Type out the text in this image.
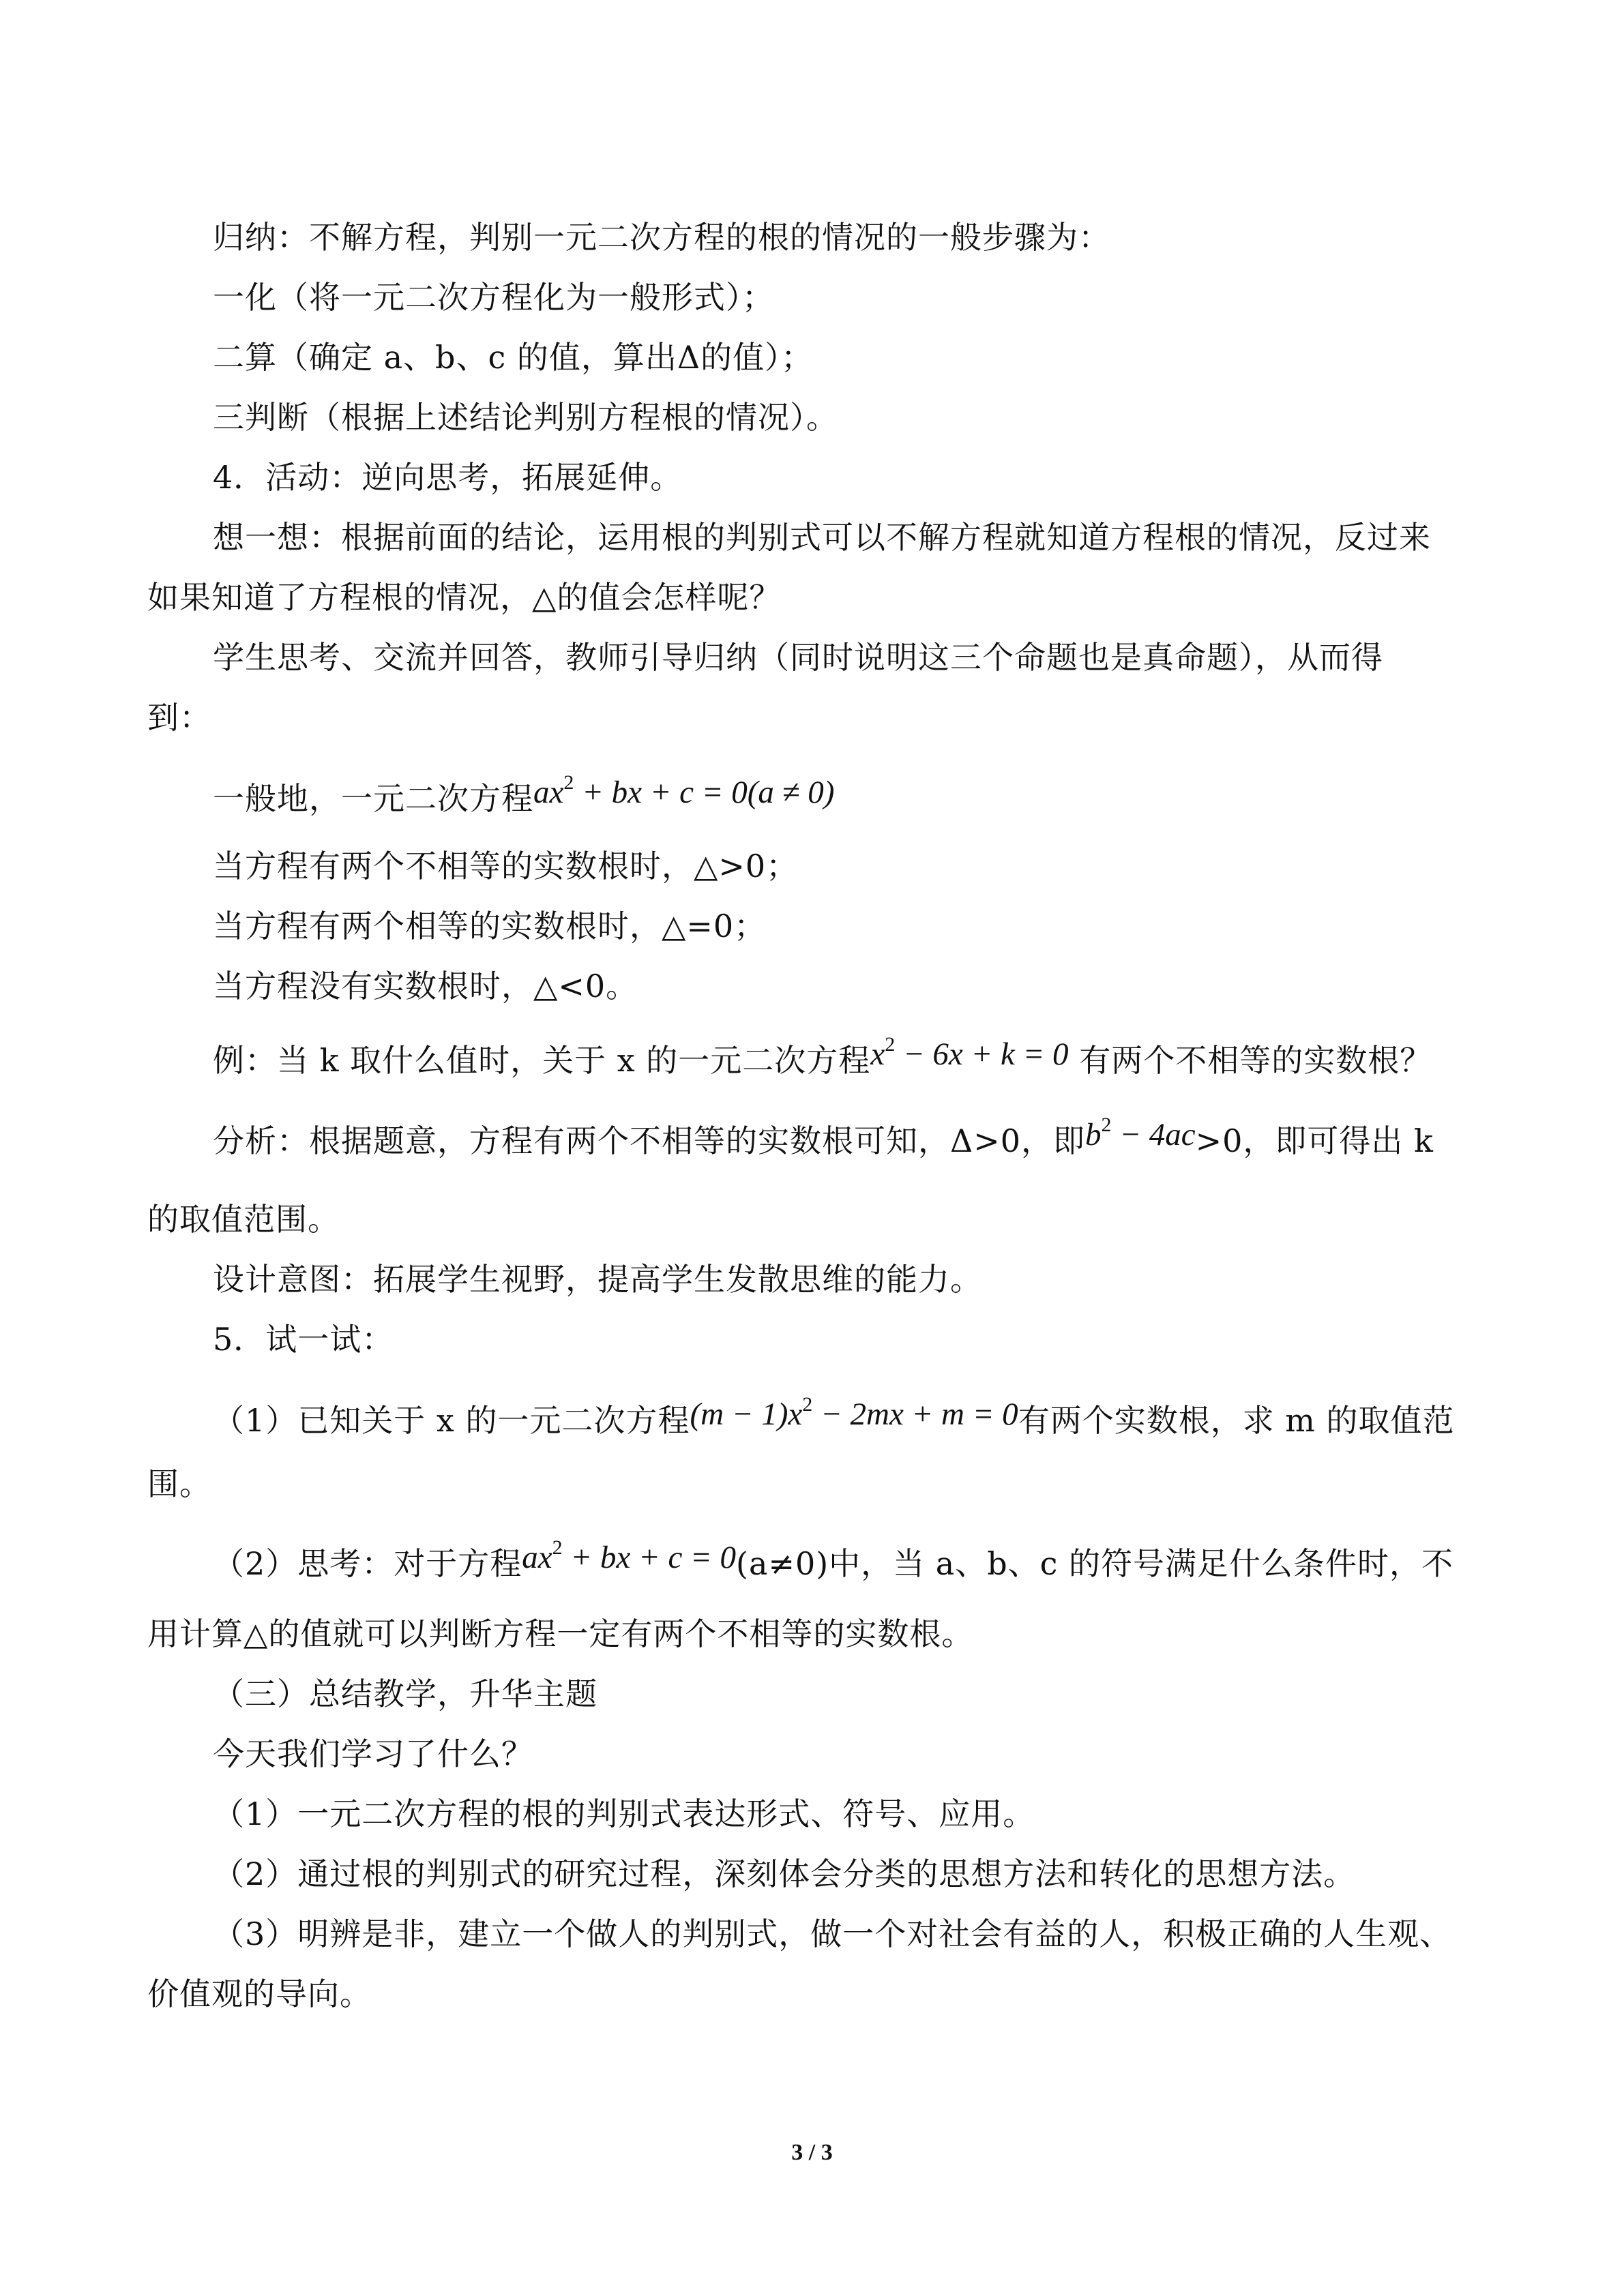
归纳：不解方程，判别一元二次方程的根的情况的一般步骤为：
一化（将一元二次方程化为一般形式）；
二算（确定 a、b、c 的值，算出Δ的值）；
三判断（根据上述结论判别方程根的情况）。
4．活动：逆向思考，拓展延伸。
想一想：根据前面的结论，运用根的判别式可以不解方程就知道方程根的情况，反过来
如果知道了方程根的情况，△的值会怎样呢？
学生思考、交流并回答，教师引导归纳（同时说明这三个命题也是真命题），从而得
到：
一般地，一元二次方程$ax^2$ + bx + c = 0(a ≠ 0)
当方程有两个不相等的实数根时，△>0；
当方程有两个相等的实数根时，△=0；
当方程没有实数根时，△<0。
例：当 k 取什么值时，关于 x 的一元二次方程$x^2 - 6x + k = 0$ 有两个不相等的实数根？
分析：根据题意，方程有两个不相等的实数根可知，Δ>0，即$b^2 - 4ac>0$，即可得出 k
的取值范围。
设计意图：拓展学生视野，提高学生发散思维的能力。
5．试一试：
（1）已知关于 x 的一元二次方程$(m - 1)x^2 - 2mx + m = 0$有两个实数根，求 m 的取值范
围。
（2）思考：对于方程$ax^2$ + bx + c = 0(a≠0)中，当 a、b、c 的符号满足什么条件时，不
用计算△的值就可以判断方程一定有两个不相等的实数根。
（三）总结教学，升华主题
今天我们学习了什么？
（1）一元二次方程的根的判别式表达形式、符号、应用。
（2）通过根的判别式的研究过程，深刻体会分类的思想方法和转化的思想方法。
（3）明辨是非，建立一个做人的判别式，做一个对社会有益的人，积极正确的人生观、
价值观的导向。
3 / 3
